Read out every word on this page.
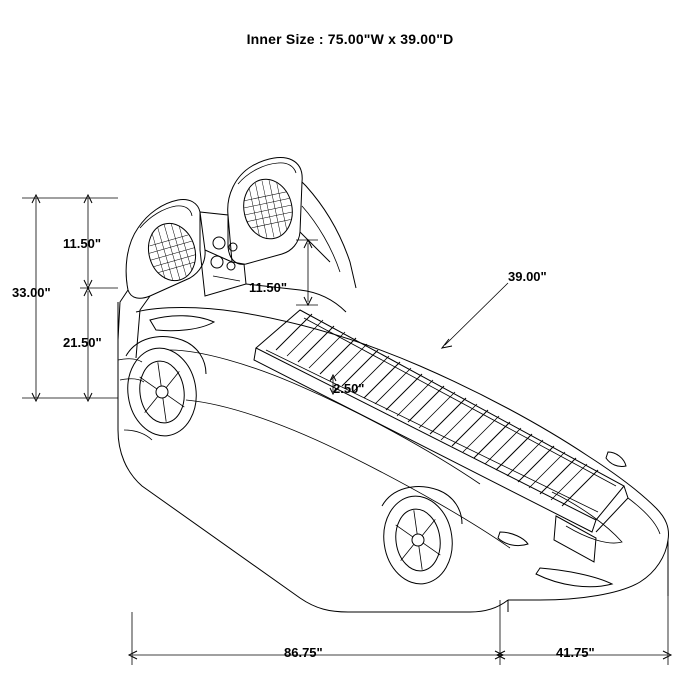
Inner Size : 75.00"W x 39.00"D
33.00"
11.50"
21.50"
11.50"
2.50"
39.00"
86.75"	41.75"
